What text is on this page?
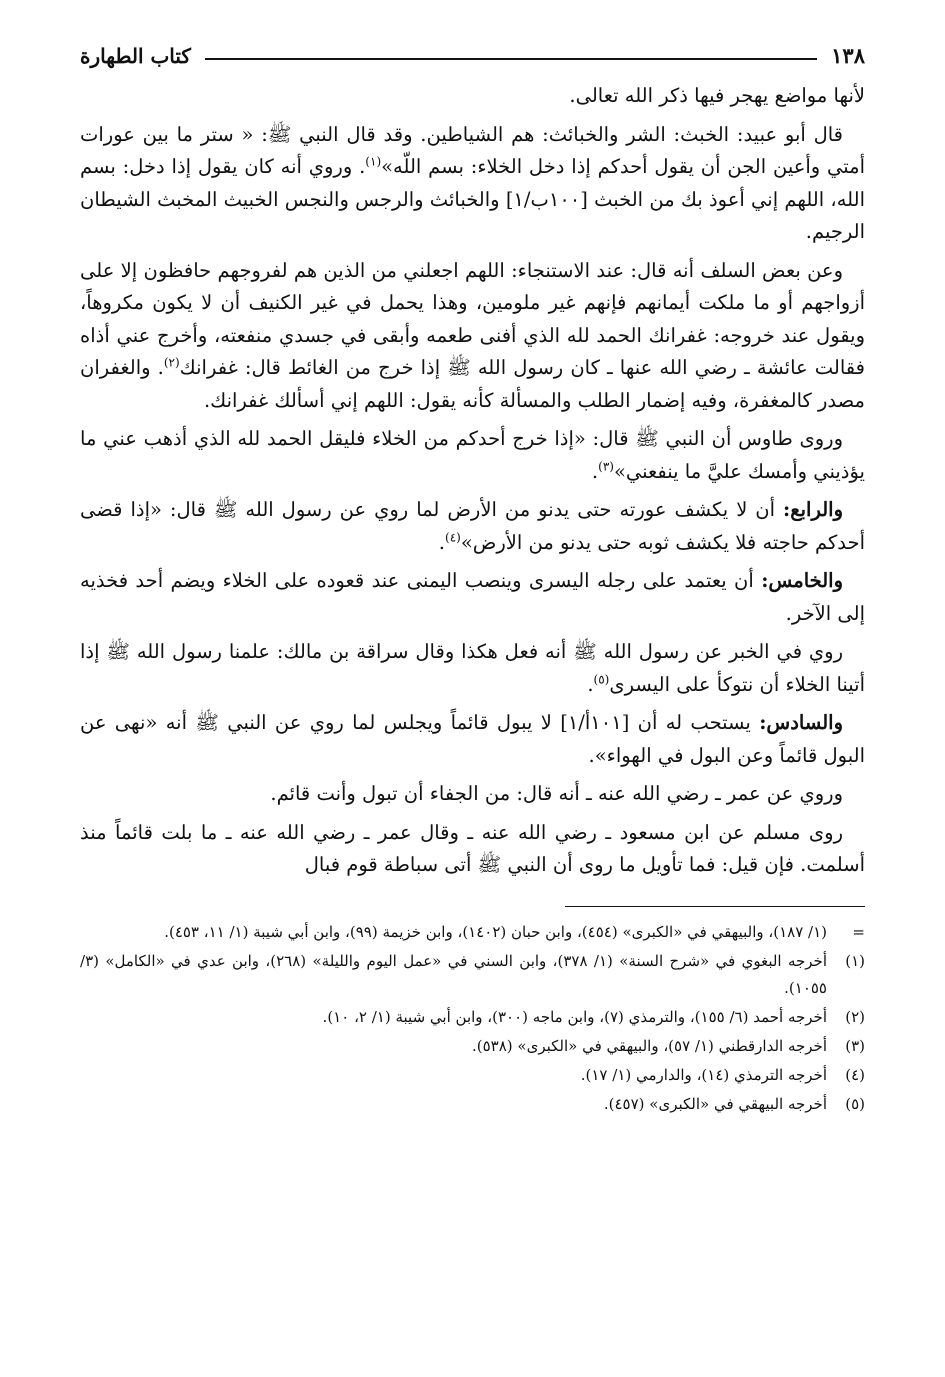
١٣٨
كتاب الطهارة

لأنها مواضع يهجر فيها ذكر الله تعالى.

قال أبو عبيد: الخبث: الشر والخبائث: هم الشياطين. وقد قال النبي ﷺ: « ستر ما بين عورات أمتي وأعين الجن أن يقول أحدكم إذا دخل الخلاء: بسم اللّه»$^{(١)}$. وروي أنه كان يقول إذا دخل: بسم الله، اللهم إني أعوذ بك من الخبث [١٠٠ب/١] والخبائث والرجس والنجس الخبيث المخبث الشيطان الرجيم.

وعن بعض السلف أنه قال: عند الاستنجاء: اللهم اجعلني من الذين هم لفروجهم حافظون إلا على أزواجهم أو ما ملكت أيمانهم فإنهم غير ملومين، وهذا يحمل في غير الكنيف أن لا يكون مكروهاً، ويقول عند خروجه: غفرانك الحمد لله الذي أفنى طعمه وأبقى في جسدي منفعته، وأخرج عني أذاه فقالت عائشة ـ رضي الله عنها ـ كان رسول الله ﷺ إذا خرج من الغائط قال: غفرانك$^{(٢)}$. والغفران مصدر كالمغفرة، وفيه إضمار الطلب والمسألة كأنه يقول: اللهم إني أسألك غفرانك.

وروى طاوس أن النبي ﷺ قال: «إذا خرج أحدكم من الخلاء فليقل الحمد لله الذي أذهب عني ما يؤذيني وأمسك عليَّ ما ينفعني»$^{(٣)}$.

والرابع: أن لا يكشف عورته حتى يدنو من الأرض لما روي عن رسول الله ﷺ قال: «إذا قضى أحدكم حاجته فلا يكشف ثوبه حتى يدنو من الأرض»$^{(٤)}$.

والخامس: أن يعتمد على رجله اليسرى وينصب اليمنى عند قعوده على الخلاء ويضم أحد فخذيه إلى الآخر.

روي في الخبر عن رسول الله ﷺ أنه فعل هكذا وقال سراقة بن مالك: علمنا رسول الله ﷺ إذا أتينا الخلاء أن نتوكأ على اليسرى$^{(٥)}$.

والسادس: يستحب له أن [١٠١أ/١] لا يبول قائماً ويجلس لما روي عن النبي ﷺ أنه «نهى عن البول قائماً وعن البول في الهواء».

وروي عن عمر ـ رضي الله عنه ـ أنه قال: من الجفاء أن تبول وأنت قائم.

روى مسلم عن ابن مسعود ـ رضي الله عنه ـ وقال عمر ـ رضي الله عنه ـ ما بلت قائماً منذ أسلمت. فإن قيل: فما تأويل ما روى أن النبي ﷺ أتى سباطة قوم فبال

=
(١/ ١٨٧)، والبيهقي في «الكبرى» (٤٥٤)، وابن حبان (١٤٠٢)، وابن خزيمة (٩٩)، وابن أبي شيبة (١/ ١١، ٤٥٣).
(١)
أخرجه البغوي في «شرح السنة» (١/ ٣٧٨)، وابن السني في «عمل اليوم والليلة» (٢٦٨)، وابن عدي في «الكامل» (٣/ ١٠٥٥).
(٢)
أخرجه أحمد (٦/ ١٥٥)، والترمذي (٧)، وابن ماجه (٣٠٠)، وابن أبي شيبة (١/ ٢، ١٠).
(٣)
أخرجه الدارقطني (١/ ٥٧)، والبيهقي في «الكبرى» (٥٣٨).
(٤)
أخرجه الترمذي (١٤)، والدارمي (١/ ١٧).
(٥)
أخرجه البيهقي في «الكبرى» (٤٥٧).
